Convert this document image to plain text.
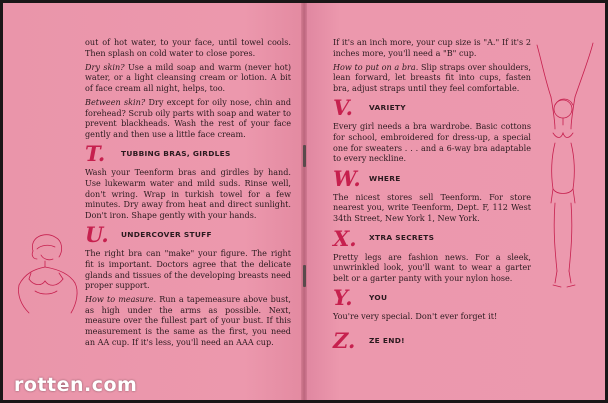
out of hot water, to your face, until towel cools. Then splash on cold water to close pores.

Dry skin? Use a mild soap and warm (never hot) water, or a light cleansing cream or lotion. A bit of face cream all night, helps, too.

Between skin? Dry except for oily nose, chin and forehead? Scrub oily parts with soap and water to prevent blackheads. Wash the rest of your face gently and then use a little face cream.

T.	TUBBING BRAS, GIRDLES

Wash your Teenform bras and girdles by hand. Use lukewarm water and mild suds. Rinse well, don't wring. Wrap in turkish towel for a few minutes. Dry away from heat and direct sunlight. Don't iron. Shape gently with your hands.

U.	UNDERCOVER STUFF

The right bra can "make" your figure. The right fit is important. Doctors agree that the delicate glands and tissues of the developing breasts need proper support.

How to measure. Run a tapemeasure above bust, as high under the arms as possible. Next, measure over the fullest part of your bust. If this measurement is the same as the first, you need an AA cup. If it's less, you'll need an AAA cup.

If it's an inch more, your cup size is "A." If it's 2 inches more, you'll need a "B" cup.

How to put on a bra. Slip straps over shoulders, lean forward, let breasts fit into cups, fasten bra, adjust straps until they feel comfortable.

V.	VARIETY

Every girl needs a bra wardrobe. Basic cottons for school, embroidered for dress-up, a special one for sweaters . . . and a 6-way bra adaptable to every neckline.

W.	WHERE

The nicest stores sell Teenform. For store nearest you, write Teenform, Dept. F, 112 West 34th Street, New York 1, New York.

X.	XTRA SECRETS

Pretty legs are fashion news. For a sleek, unwrinkled look, you'll want to wear a garter belt or a garter panty with your nylon hose.

Y.	YOU

You're very special. Don't ever forget it!

Z.	ZE END!
rotten.com
